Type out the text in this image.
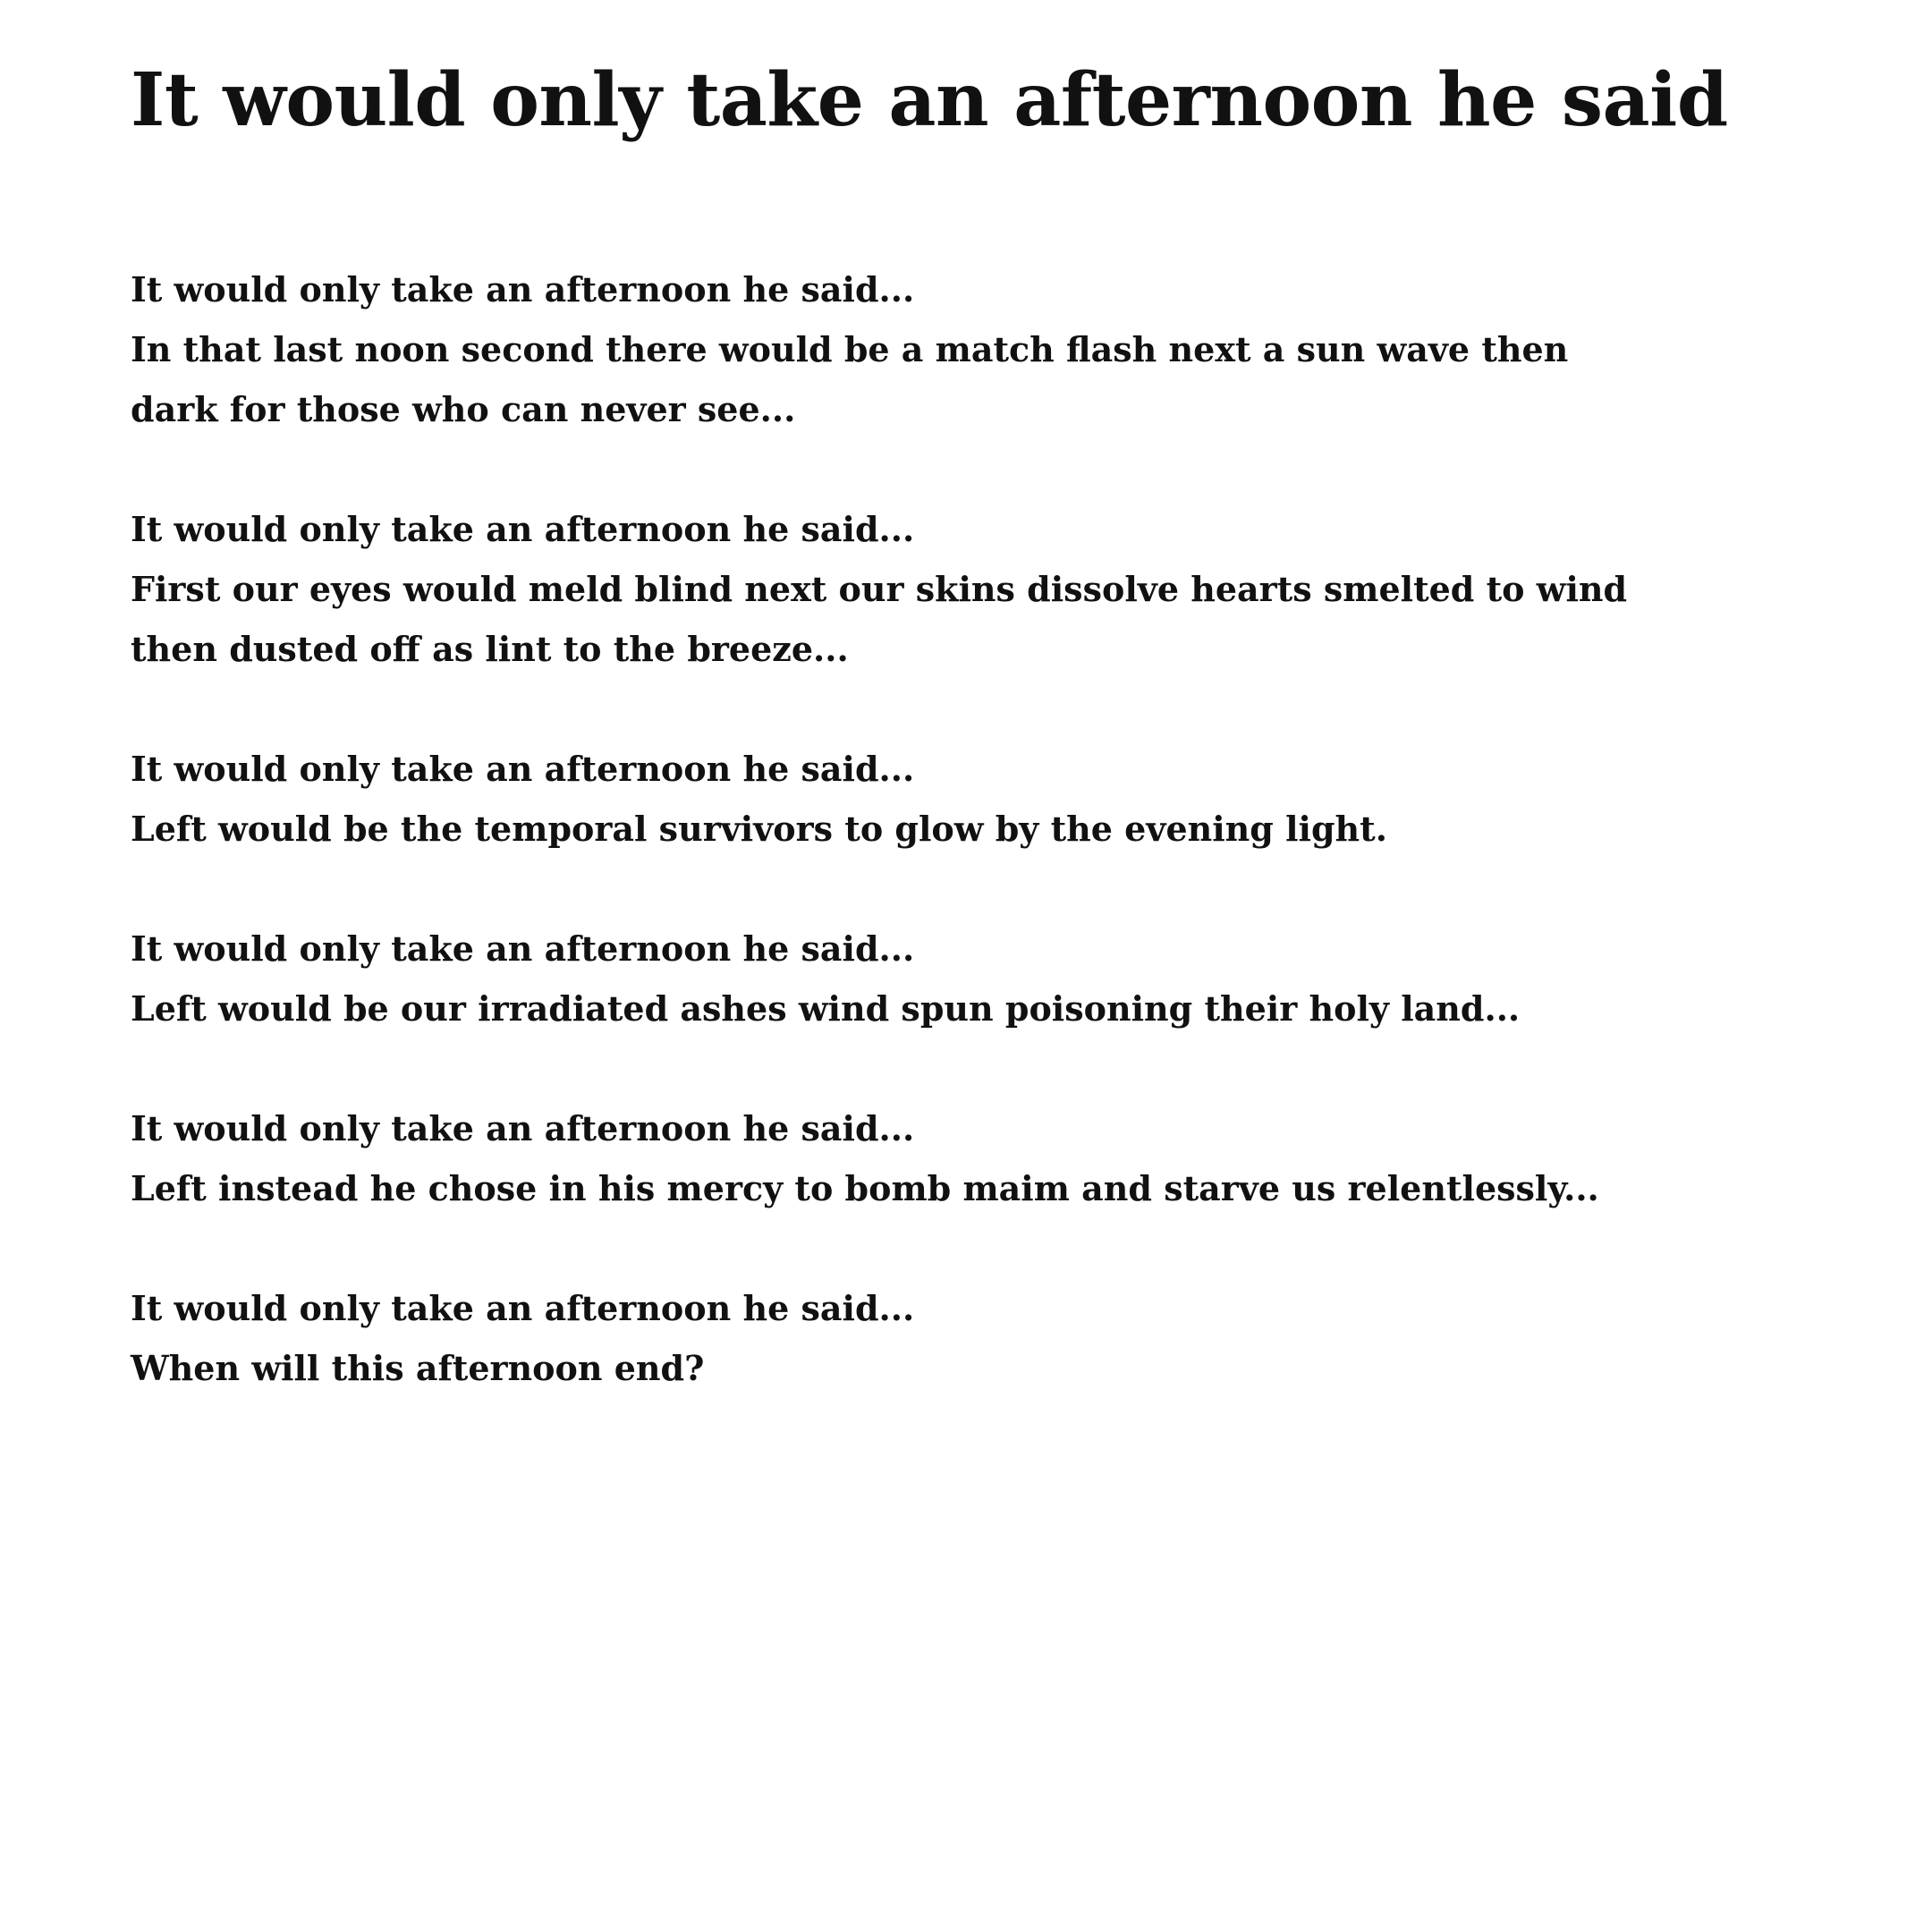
It would only take an afternoon he said

It would only take an afternoon he said...
In that last noon second there would be a match flash next a sun wave then dark for those who can never see...

It would only take an afternoon he said...
First our eyes would meld blind next our skins dissolve hearts smelted to wind then dusted off as lint to the breeze...

It would only take an afternoon he said...
Left would be the temporal survivors to glow by the evening light.

It would only take an afternoon he said...
Left would be our irradiated ashes wind spun poisoning their holy land...

It would only take an afternoon he said...
Left instead he chose in his mercy to bomb maim and starve us relentlessly...

It would only take an afternoon he said...
When will this afternoon end?
